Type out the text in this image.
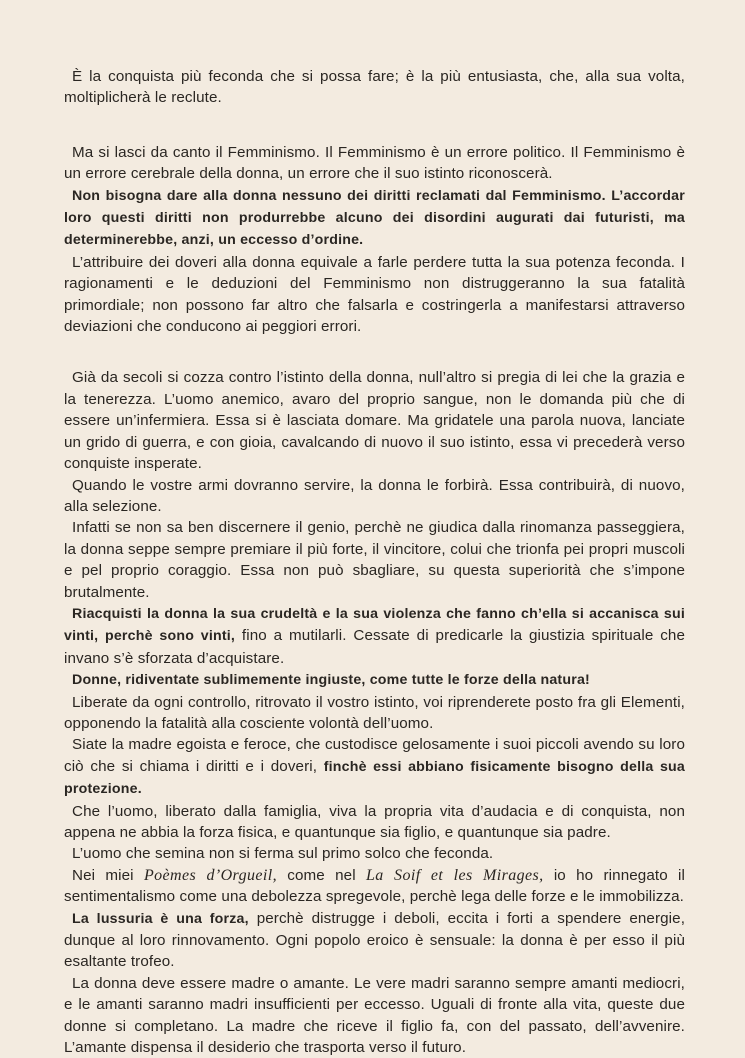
È la conquista più feconda che si possa fare; è la più entusiasta, che, alla sua volta, moltiplicherà le reclute.

Ma si lasci da canto il Femminismo. Il Femminismo è un errore politico. Il Femminismo è un errore cerebrale della donna, un errore che il suo istinto riconoscerà.

Non bisogna dare alla donna nessuno dei diritti reclamati dal Femminismo. L’accordar loro questi diritti non produrrebbe alcuno dei disordini augurati dai futuristi, ma determinerebbe, anzi, un eccesso d’ordine.

L’attribuire dei doveri alla donna equivale a farle perdere tutta la sua potenza feconda. I ragionamenti e le deduzioni del Femminismo non distruggeranno la sua fatalità primordiale; non possono far altro che falsarla e costringerla a manifestarsi attraverso deviazioni che conducono ai peggiori errori.

Già da secoli si cozza contro l’istinto della donna, null’altro si pregia di lei che la grazia e la tenerezza. L’uomo anemico, avaro del proprio sangue, non le domanda più che di essere un’infermiera. Essa si è lasciata domare. Ma gridatele una parola nuova, lanciate un grido di guerra, e con gioia, cavalcando di nuovo il suo istinto, essa vi precederà verso conquiste insperate.

Quando le vostre armi dovranno servire, la donna le forbirà. Essa contribuirà, di nuovo, alla selezione.

Infatti se non sa ben discernere il genio, perchè ne giudica dalla rinomanza passeggiera, la donna seppe sempre premiare il più forte, il vincitore, colui che trionfa pei propri muscoli e pel proprio coraggio. Essa non può sbagliare, su questa superiorità che s’impone brutalmente.

Riacquisti la donna la sua crudeltà e la sua violenza che fanno ch’ella si accanisca sui vinti, perchè sono vinti, fino a mutilarli. Cessate di predicarle la giustizia spirituale che invano s’è sforzata d’acquistare.

Donne, ridiventate sublimemente ingiuste, come tutte le forze della natura!

Liberate da ogni controllo, ritrovato il vostro istinto, voi riprenderete posto fra gli Elementi, opponendo la fatalità alla cosciente volontà dell’uomo.

Siate la madre egoista e feroce, che custodisce gelosamente i suoi piccoli avendo su loro ciò che si chiama i diritti e i doveri, finchè essi abbiano fisicamente bisogno della sua protezione.

Che l’uomo, liberato dalla famiglia, viva la propria vita d’audacia e di conquista, non appena ne abbia la forza fisica, e quantunque sia figlio, e quantunque sia padre.

L’uomo che semina non si ferma sul primo solco che feconda.

Nei miei Poèmes d’Orgueil, come nel La Soif et les Mirages, io ho rinnegato il sentimentalismo come una debolezza spregevole, perchè lega delle forze e le immobilizza.

La lussuria è una forza, perchè distrugge i deboli, eccita i forti a spendere energie, dunque al loro rinnovamento. Ogni popolo eroico è sensuale: la donna è per esso il più esaltante trofeo.

La donna deve essere madre o amante. Le vere madri saranno sempre amanti mediocri, e le amanti saranno madri insufficienti per eccesso. Uguali di fronte alla vita, queste due donne si completano. La madre che riceve il figlio fa, con del passato, dell’avvenire. L’amante dispensa il desiderio che trasporta verso il futuro.
